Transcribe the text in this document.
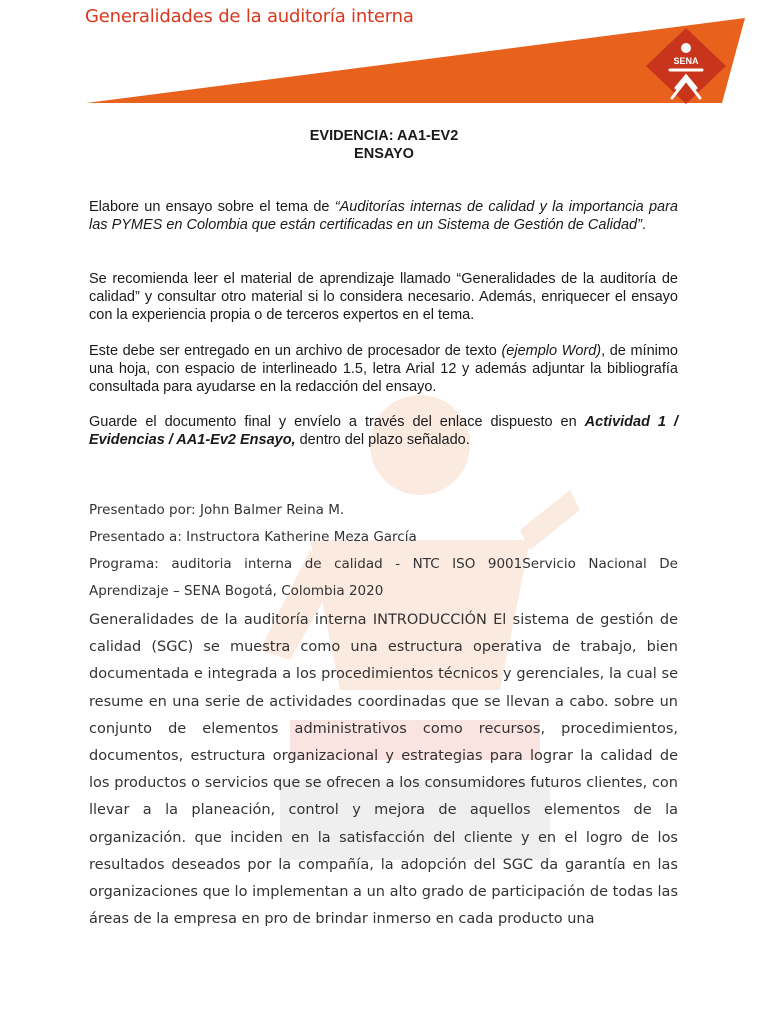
SENA
Generalidades de la auditoría interna
EVIDENCIA: AA1-EV2
ENSAYO

Elabore un ensayo sobre el tema de “Auditorías internas de calidad y la importancia para las PYMES en Colombia que están certificadas en un Sistema de Gestión de Calidad”.

Se recomienda leer el material de aprendizaje llamado “Generalidades de la auditoría de calidad” y consultar otro material si lo considera necesario. Además, enriquecer el ensayo con la experiencia propia o de terceros expertos en el tema.

Este debe ser entregado en un archivo de procesador de texto (ejemplo Word), de mínimo una hoja, con espacio de interlineado 1.5, letra Arial 12 y además adjuntar la bibliografía consultada para ayudarse en la redacción del ensayo.

Guarde el documento final y envíelo a través del enlace dispuesto en Actividad 1 / Evidencias / AA1-Ev2 Ensayo, dentro del plazo señalado.

Presentado por: John Balmer Reina M.

Presentado a: Instructora Katherine Meza García

Programa: auditoria interna de calidad - NTC ISO 9001Servicio Nacional De Aprendizaje – SENA Bogotá, Colombia 2020

Generalidades de la auditoría interna INTRODUCCIÓN El sistema de gestión de calidad (SGC) se muestra como una estructura operativa de trabajo, bien documentada e integrada a los procedimientos técnicos y gerenciales, la cual se resume en una serie de actividades coordinadas que se llevan a cabo. sobre un conjunto de elementos administrativos como recursos, procedimientos, documentos, estructura organizacional y estrategias para lograr la calidad de los productos o servicios que se ofrecen a los consumidores futuros clientes, con llevar a la planeación, control y mejora de aquellos elementos de la organización. que inciden en la satisfacción del cliente y en el logro de los resultados deseados por la compañía, la adopción del SGC da garantía en las organizaciones que lo implementan a un alto grado de participación de todas las áreas de la empresa en pro de brindar inmerso en cada producto una
